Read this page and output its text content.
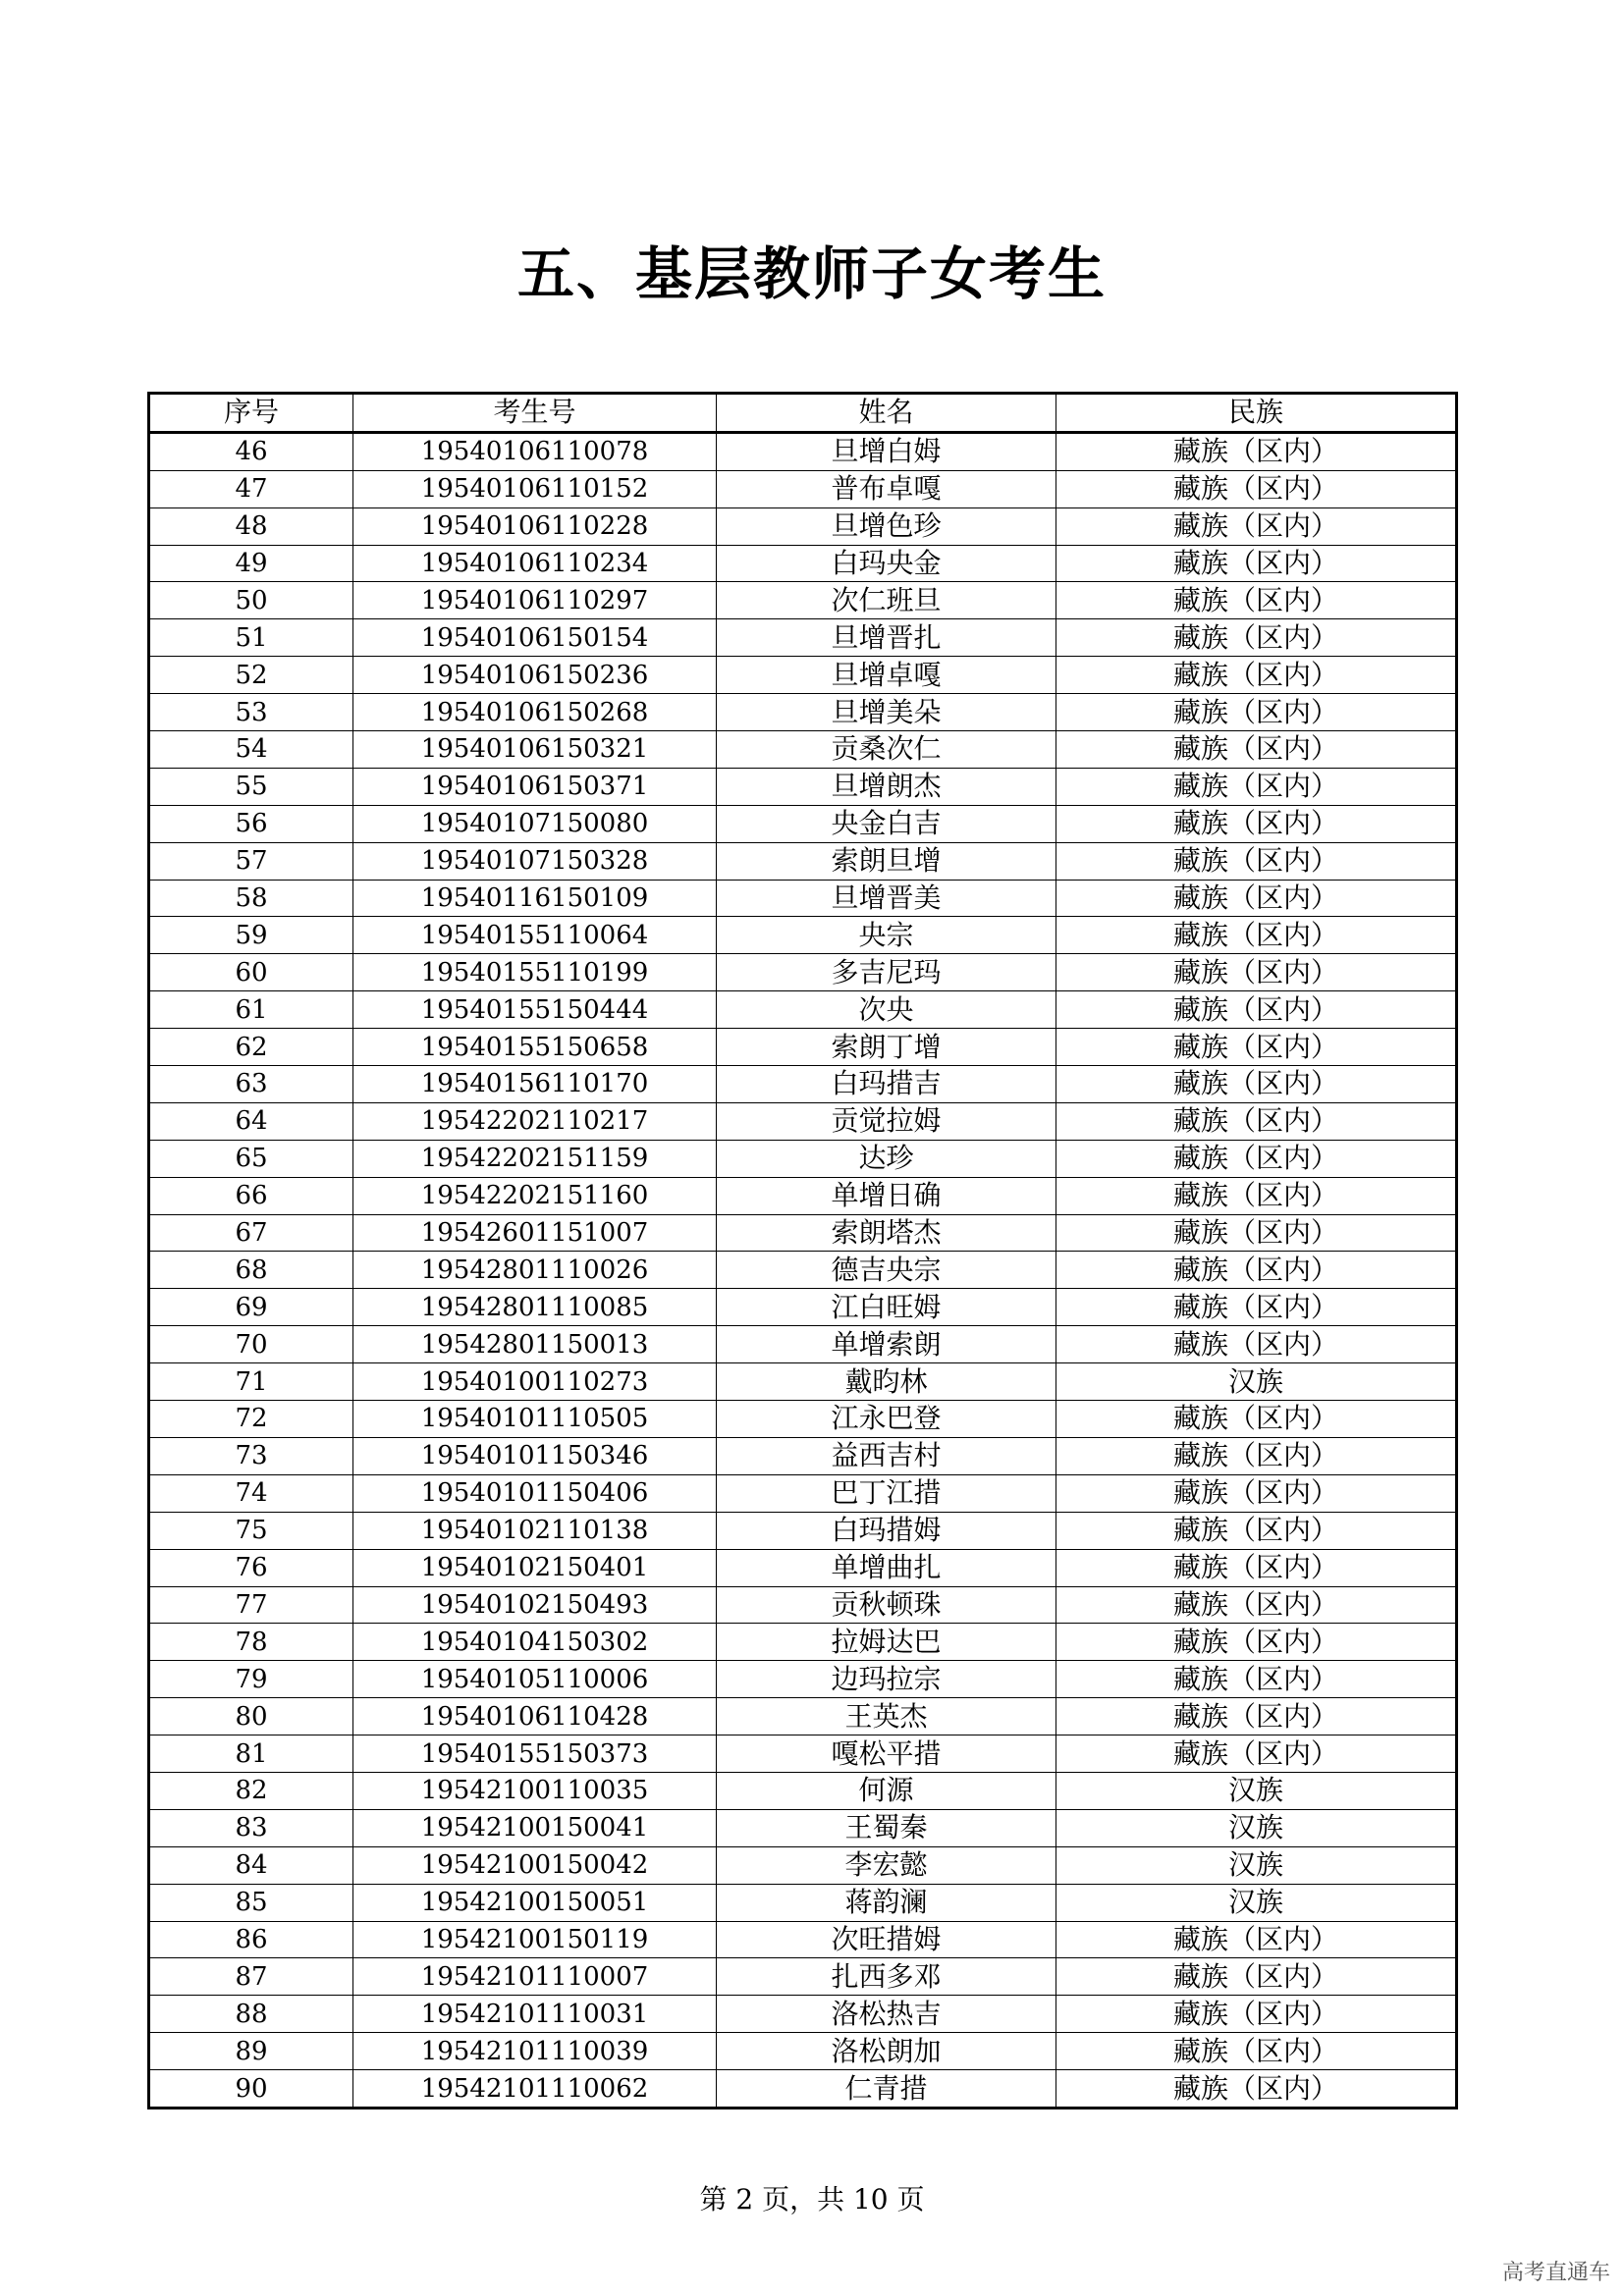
五、基层教师子女考生
序号	考生号	姓名	民族
46	19540106110078	旦增白姆	藏族（区内）
47	19540106110152	普布卓嘎	藏族（区内）
48	19540106110228	旦增色珍	藏族（区内）
49	19540106110234	白玛央金	藏族（区内）
50	19540106110297	次仁班旦	藏族（区内）
51	19540106150154	旦增晋扎	藏族（区内）
52	19540106150236	旦增卓嘎	藏族（区内）
53	19540106150268	旦增美朵	藏族（区内）
54	19540106150321	贡桑次仁	藏族（区内）
55	19540106150371	旦增朗杰	藏族（区内）
56	19540107150080	央金白吉	藏族（区内）
57	19540107150328	索朗旦增	藏族（区内）
58	19540116150109	旦增晋美	藏族（区内）
59	19540155110064	央宗	藏族（区内）
60	19540155110199	多吉尼玛	藏族（区内）
61	19540155150444	次央	藏族（区内）
62	19540155150658	索朗丁增	藏族（区内）
63	19540156110170	白玛措吉	藏族（区内）
64	19542202110217	贡觉拉姆	藏族（区内）
65	19542202151159	达珍	藏族（区内）
66	19542202151160	单增日确	藏族（区内）
67	19542601151007	索朗塔杰	藏族（区内）
68	19542801110026	德吉央宗	藏族（区内）
69	19542801110085	江白旺姆	藏族（区内）
70	19542801150013	单增索朗	藏族（区内）
71	19540100110273	戴昀林	汉族
72	19540101110505	江永巴登	藏族（区内）
73	19540101150346	益西吉村	藏族（区内）
74	19540101150406	巴丁江措	藏族（区内）
75	19540102110138	白玛措姆	藏族（区内）
76	19540102150401	单增曲扎	藏族（区内）
77	19540102150493	贡秋顿珠	藏族（区内）
78	19540104150302	拉姆达巴	藏族（区内）
79	19540105110006	边玛拉宗	藏族（区内）
80	19540106110428	王英杰	藏族（区内）
81	19540155150373	嘎松平措	藏族（区内）
82	19542100110035	何源	汉族
83	19542100150041	王蜀秦	汉族
84	19542100150042	李宏懿	汉族
85	19542100150051	蒋韵澜	汉族
86	19542100150119	次旺措姆	藏族（区内）
87	19542101110007	扎西多邓	藏族（区内）
88	19542101110031	洛松热吉	藏族（区内）
89	19542101110039	洛松朗加	藏族（区内）
90	19542101110062	仁青措	藏族（区内）
第 2 页，共 10 页
高考直通车
